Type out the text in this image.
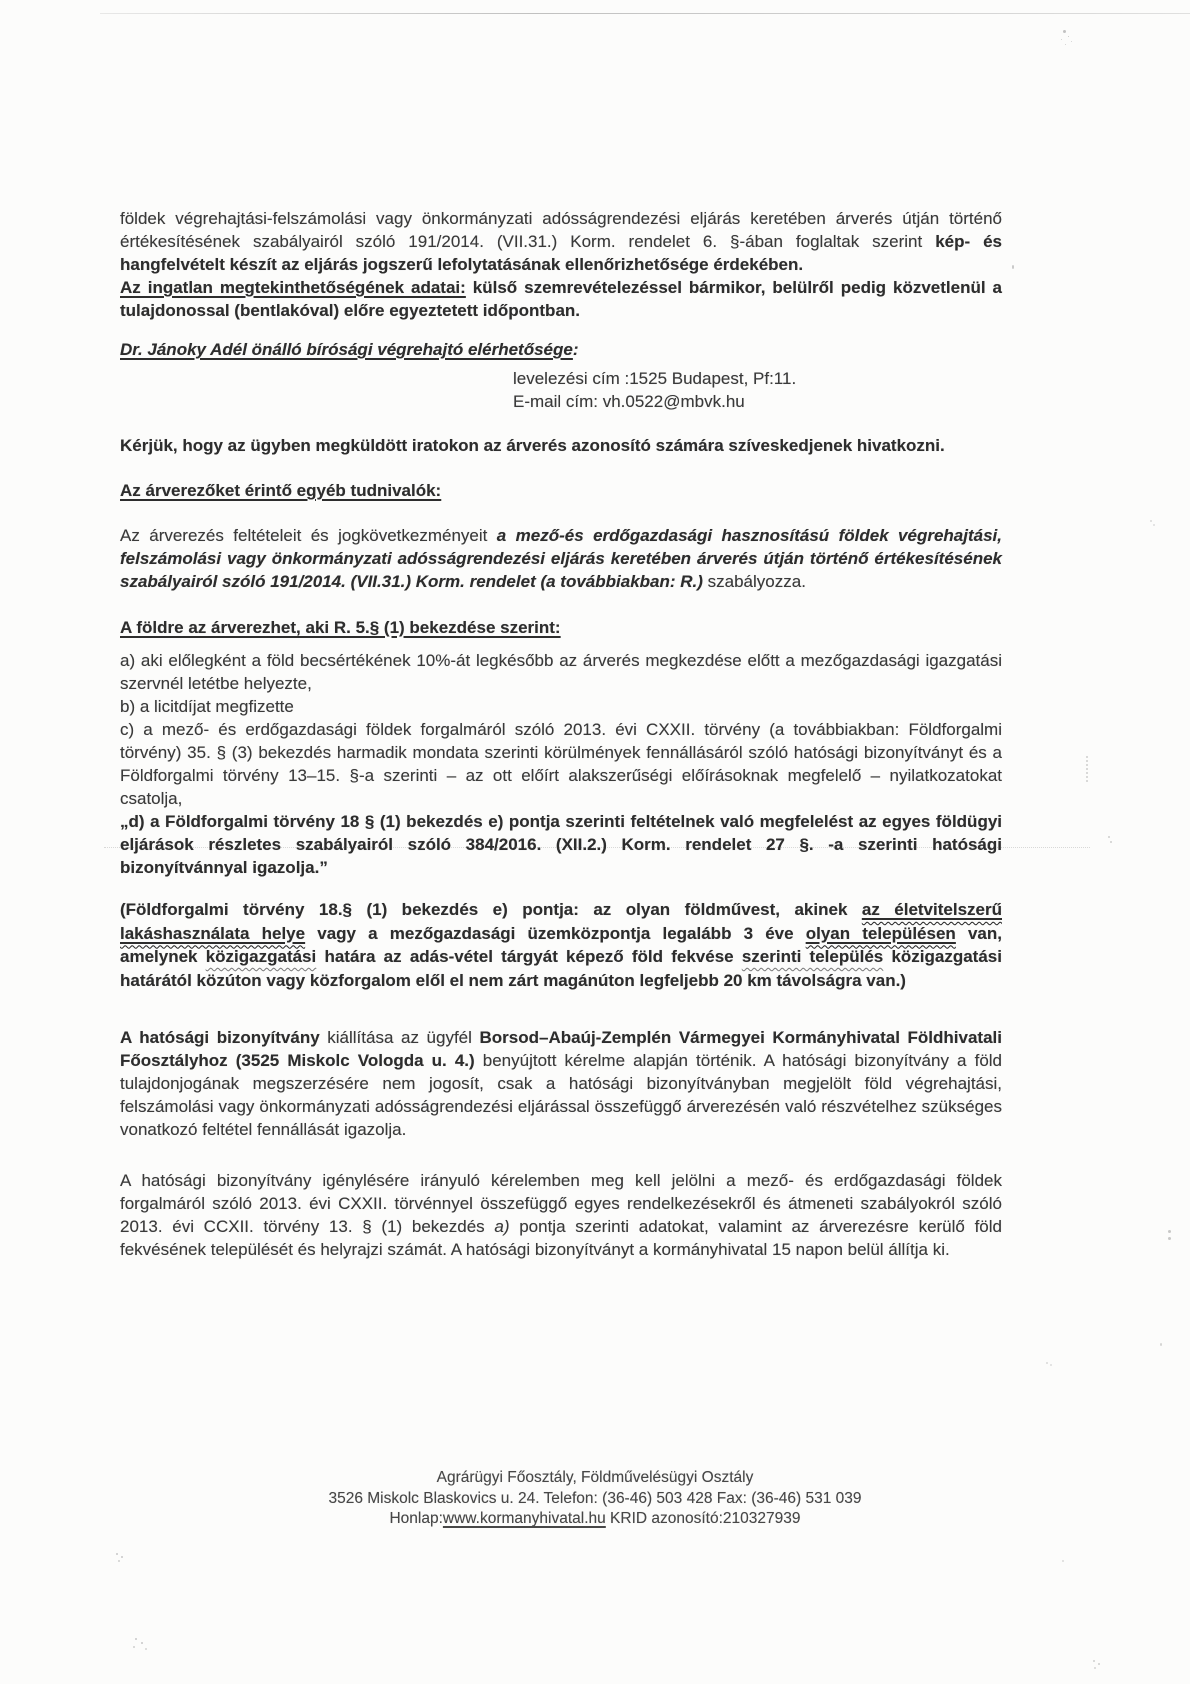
földek végrehajtási-felszámolási vagy önkormányzati adósságrendezési eljárás keretében árverés útján történő értékesítésének szabályairól szóló 191/2014. (VII.31.) Korm. rendelet 6. §-ában foglaltak szerint kép- és hangfelvételt készít az eljárás jogszerű lefolytatásának ellenőrizhetősége érdekében.

Az ingatlan megtekinthetőségének adatai: külső szemrevételezéssel bármikor, belülről pedig közvetlenül a tulajdonossal (bentlakóval) előre egyeztetett időpontban.

Dr. Jánoky Adél önálló bírósági végrehajtó elérhetősége:

levelezési cím :1525 Budapest, Pf:11.

E-mail cím: vh.0522@mbvk.hu

Kérjük, hogy az ügyben megküldött iratokon az árverés azonosító számára szíveskedjenek hivatkozni.

Az árverezőket érintő egyéb tudnivalók:

Az árverezés feltételeit és jogkövetkezményeit a mező-és erdőgazdasági hasznosítású földek végrehajtási, felszámolási vagy önkormányzati adósságrendezési eljárás keretében árverés útján történő értékesítésének szabályairól szóló 191/2014. (VII.31.) Korm. rendelet (a továbbiakban: R.) szabályozza.

A földre az árverezhet, aki R. 5.§ (1) bekezdése szerint:

a) aki előlegként a föld becsértékének 10%-át legkésőbb az árverés megkezdése előtt a mezőgazdasági igazgatási szervnél letétbe helyezte,

b) a licitdíjat megfizette

c) a mező- és erdőgazdasági földek forgalmáról szóló 2013. évi CXXII. törvény (a továbbiakban: Földforgalmi törvény) 35. § (3) bekezdés harmadik mondata szerinti körülmények fennállásáról szóló hatósági bizonyítványt és a Földforgalmi törvény 13–15. §-a szerinti – az ott előírt alakszerűségi előírásoknak megfelelő – nyilatkozatokat csatolja,

„d) a Földforgalmi törvény 18 § (1) bekezdés e) pontja szerinti feltételnek való megfelelést az egyes földügyi eljárások részletes szabályairól szóló 384/2016. (XII.2.) Korm. rendelet 27 §. -a szerinti hatósági bizonyítvánnyal igazolja.”

(Földforgalmi törvény 18.§ (1) bekezdés e) pontja: az olyan földművest, akinek az életvitelszerű lakáshasználata helye vagy a mezőgazdasági üzemközpontja legalább 3 éve olyan településen van, amelynek közigazgatási határa az adás-vétel tárgyát képező föld fekvése szerinti település közigazgatási határától közúton vagy közforgalom elől el nem zárt magánúton legfeljebb 20 km távolságra van.)

A hatósági bizonyítvány kiállítása az ügyfél Borsod–Abaúj-Zemplén Vármegyei Kormányhivatal Földhivatali Főosztályhoz (3525 Miskolc Vologda u. 4.) benyújtott kérelme alapján történik. A hatósági bizonyítvány a föld tulajdonjogának megszerzésére nem jogosít, csak a hatósági bizonyítványban megjelölt föld végrehajtási, felszámolási vagy önkormányzati adósságrendezési eljárással összefüggő árverezésén való részvételhez szükséges vonatkozó feltétel fennállását igazolja.

A hatósági bizonyítvány igénylésére irányuló kérelemben meg kell jelölni a mező- és erdőgazdasági földek forgalmáról szóló 2013. évi CXXII. törvénnyel összefüggő egyes rendelkezésekről és átmeneti szabályokról szóló 2013. évi CCXII. törvény 13. § (1) bekezdés a) pontja szerinti adatokat, valamint az árverezésre kerülő föld fekvésének települését és helyrajzi számát. A hatósági bizonyítványt a kormányhivatal 15 napon belül állítja ki.

Agrárügyi Főosztály, Földművelésügyi Osztály
3526 Miskolc Blaskovics u. 24. Telefon: (36-46) 503 428 Fax: (36-46) 531 039
Honlap:www.kormanyhivatal.hu KRID azonosító:210327939
